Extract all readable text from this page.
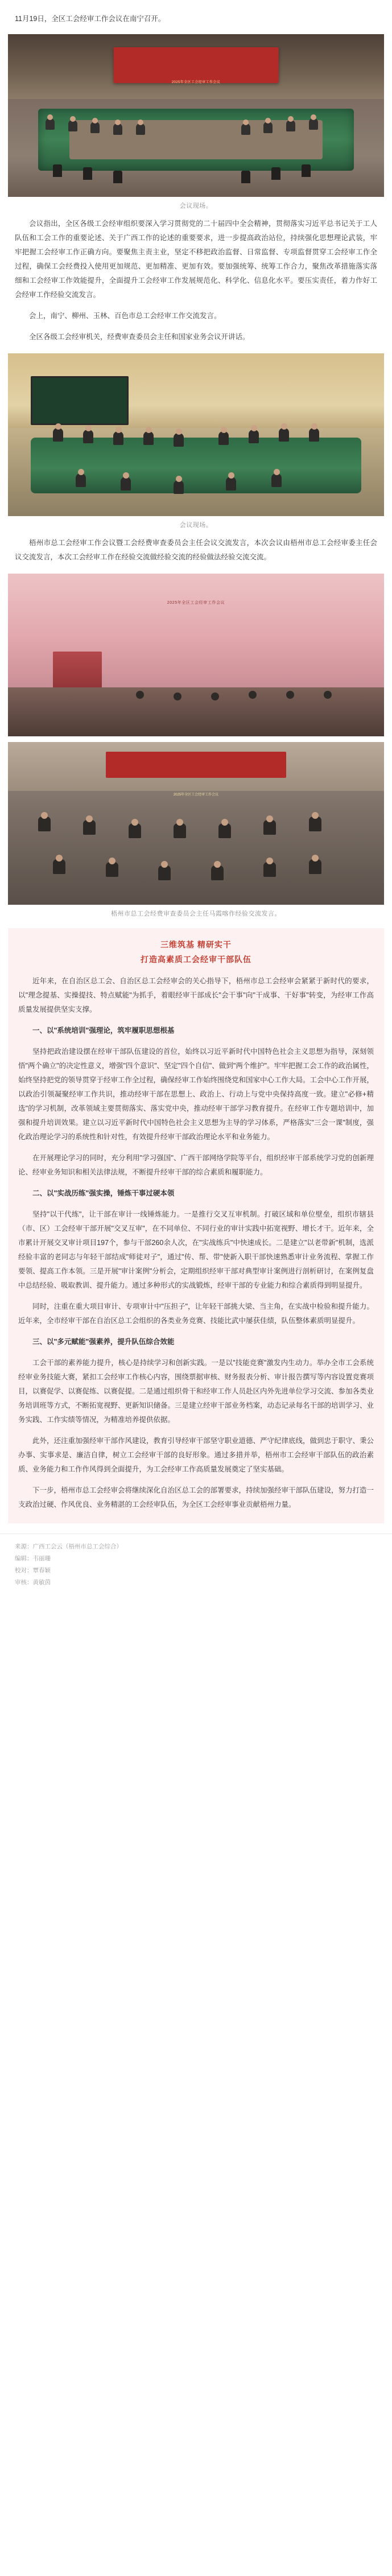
11月19日，全区工会经审工作会议在南宁召开。
2025年全区工会经审工作会议
会议现场。
会议指出，全区各级工会经审组织要深入学习贯彻党的二十届四中全会精神，贯彻落实习近平总书记关于工人队伍和工会工作的重要论述、关于广西工作的论述的重要要求，进一步提高政治站位，持续强化思想理论武装，牢牢把握工会经审工作正确方向。要聚焦主责主业，坚定不移把政治监督、日常监督、专项监督贯穿工会经审工作全过程，确保工会经费投入使用更加规范、更加精准、更加有效。要加强统筹、统筹工作合力，聚焦改革措施落实落细和工会经审工作效能提升，全面提升工会经审工作发展规范化、科学化、信息化水平。要压实责任，着力作好工会经审工作经验交流发言。
会上，南宁、柳州、玉林、百色市总工会经审工作交流发言。
全区各级工会经审机关，经费审查委员会主任和国家业务会议开讲话。
会议现场。
梧州市总工会经审工作会议暨工会经费审查委员会主任会议交流发言，本次会议由梧州市总工会经审委主任会议交流发言，本次工会经审工作在经验交流做经验交流的经验做法经验交流交流。
2025年全区工会经审工作会议
2025年全区工会经审工作会议
梧州市总工会经费审查委员会主任马霞喀作经验交流发言。
三维筑基 精研实干
打造高素质工会经审干部队伍
近年来，在自治区总工会、自治区总工会经审会的关心指导下，梧州市总工会经审会紧紧于新时代的要求，以"理念提基、实操提技、特点赋能"为抓手，着眼经审干部成长"会干事"向"干成事、干好事"转变，为经审工作高质量发展提供坚实支撑。
一、以"系统培训"强理论，筑牢履职思想根基
坚持把政治建设摆在经审干部队伍建设的首位，始终以习近平新时代中国特色社会主义思想为指导，深刻领悟"两个确立"的决定性意义，增强"四个意识"、坚定"四个自信"、做到"两个维护"。牢牢把握工会工作的政治属性，始终坚持把党的领导贯穿于经审工作全过程，确保经审工作始终围绕党和国家中心工作大局。工会中心工作开展，以政治引领凝聚经审工作共识，推动经审干部在思想上、政治上、行动上与党中央保持高度一致。建立"必修+精选"的学习机制，改革领域主要贯彻落实、落实党中央，推动经审干部学习教育提升。在经审工作专题培训中，加强和提升培训效果。建立以习近平新时代中国特色社会主义思想为主导的学习体系，严格落实"三会一课"制度，强化政治理论学习的系统性和针对性，有效提升经审干部政治理论水平和业务能力。
在开展理论学习的同时，充分利用"学习强国"、广西干部网络学院等平台，组织经审干部系统学习党的创新理论、经审业务知识和相关法律法规，不断提升经审干部的综合素质和履职能力。
二、以"实战历练"强实操，锤炼干事过硬本领
坚持"以干代练"，让干部在审计一线锤炼能力。一是推行交叉互审机制。打破区域和单位壁垒，组织市辖县（市、区）工会经审干部开展"交叉互审"，在不同单位、不同行业的审计实践中拓宽视野、增长才干。近年来，全市累计开展交叉审计项目197个，参与干部260余人次，在"实战练兵"中快速成长。二是建立"以老带新"机制，选派经验丰富的老同志与年轻干部结成"师徒对子"，通过"传、帮、带"使新入职干部快速熟悉审计业务流程、掌握工作要领、提高工作本领。三是开展"审计案例"分析会，定期组织经审干部对典型审计案例进行剖析研讨，在案例复盘中总结经验、吸取教训、提升能力。通过多种形式的实战锻炼，经审干部的专业能力和综合素质得到明显提升。
同时，注重在重大项目审计、专项审计中"压担子"，让年轻干部挑大梁、当主角，在实战中检验和提升能力。近年来，全市经审干部在自治区总工会组织的各类业务竞赛、技能比武中屡获佳绩，队伍整体素质明显提升。
三、以"多元赋能"强素养，提升队伍综合效能
工会干部的素养能力提升，核心是持续学习和创新实践。一是以"技能竞赛"激发内生动力。举办全市工会系统经审业务技能大赛，紧扣工会经审工作核心内容，围绕票据审核、财务报表分析、审计报告撰写等内容设置竞赛项目，以赛促学、以赛促练、以赛促提。二是通过组织骨干和经审工作人员赴区内外先进单位学习交流、参加各类业务培训班等方式，不断拓宽视野、更新知识储备。三是建立经审干部业务档案，动态记录每名干部的培训学习、业务实践、工作实绩等情况，为精准培养提供依据。
此外，还注重加强经审干部作风建设，教育引导经审干部坚守职业道德、严守纪律底线，做到忠于职守、秉公办事、实事求是、廉洁自律，树立工会经审干部的良好形象。通过多措并举，梧州市工会经审干部队伍的政治素质、业务能力和工作作风得到全面提升，为工会经审工作高质量发展奠定了坚实基础。
下一步，梧州市总工会经审会将继续深化自治区总工会的部署要求，持续加强经审干部队伍建设，努力打造一支政治过硬、作风优良、业务精湛的工会经审队伍，为全区工会经审事业贡献梧州力量。
来源：广西工会云（梧州市总工会综合）
编辑：韦丽珊
校对：覃春颖
审核：黄敏茵
